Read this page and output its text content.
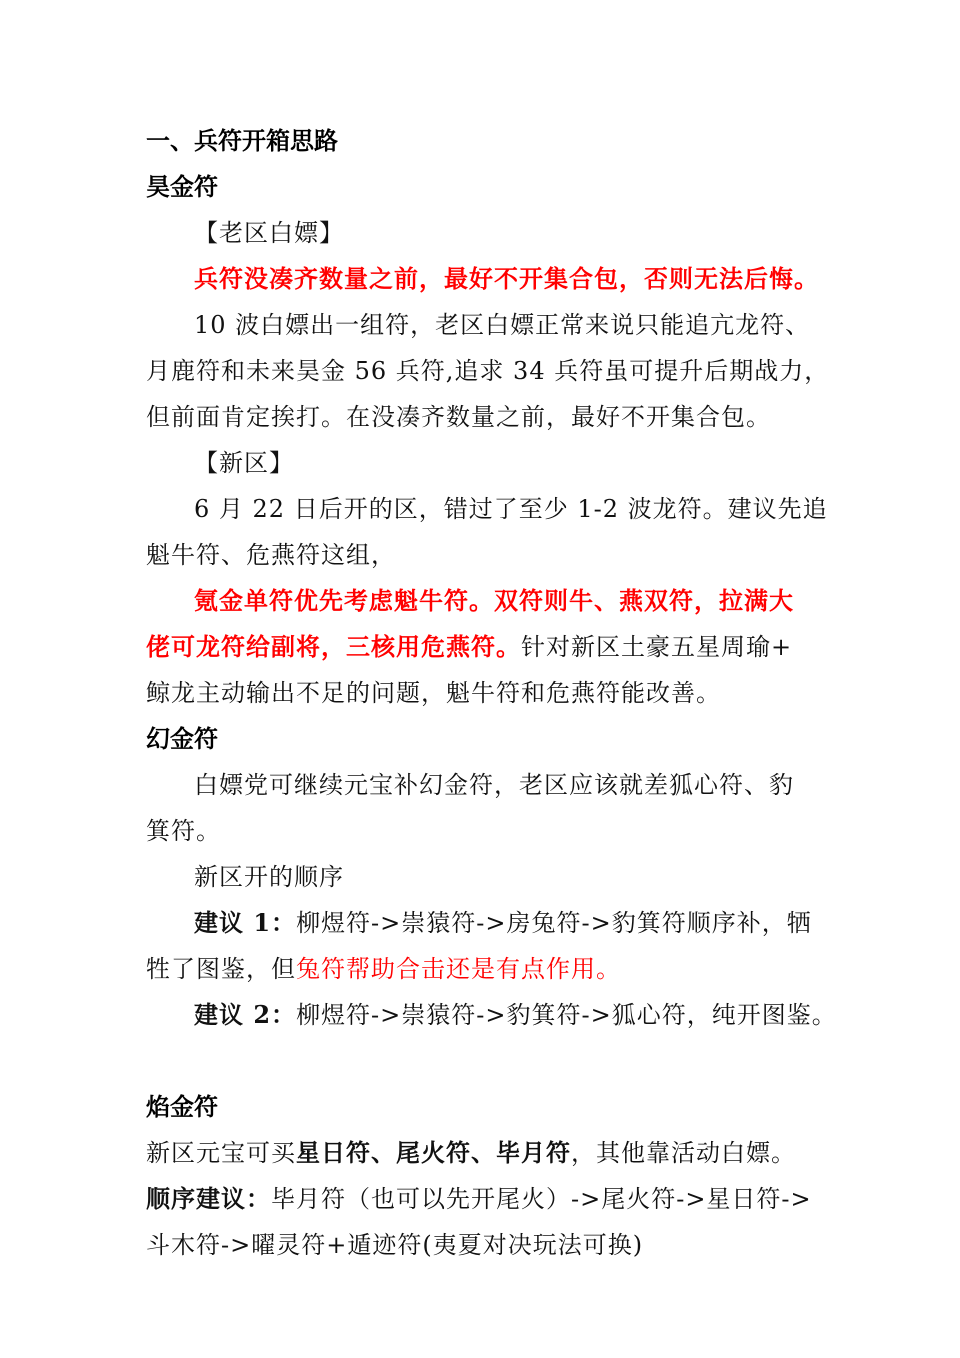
一、兵符开箱思路
昊金符
【老区白嫖】
兵符没凑齐数量之前，最好不开集合包，否则无法后悔。
10 波白嫖出一组符，老区白嫖正常来说只能追亢龙符、
月鹿符和未来昊金 56 兵符,追求 34 兵符虽可提升后期战力，
但前面肯定挨打。在没凑齐数量之前，最好不开集合包。
【新区】
6 月 22 日后开的区，错过了至少 1-2 波龙符。建议先追
魁牛符、危燕符这组，
氪金单符优先考虑魁牛符。双符则牛、燕双符，拉满大
佬可龙符给副将，三核用危燕符。针对新区土豪五星周瑜+
鲸龙主动输出不足的问题，魁牛符和危燕符能改善。
幻金符
白嫖党可继续元宝补幻金符，老区应该就差狐心符、豹
箕符。
新区开的顺序
建议 1：柳煜符->崇猿符->房兔符->豹箕符顺序补，牺
牲了图鉴，但兔符帮助合击还是有点作用。
建议 2：柳煜符->崇猿符->豹箕符->狐心符，纯开图鉴。
焰金符
新区元宝可买星日符、尾火符、毕月符，其他靠活动白嫖。
顺序建议：毕月符（也可以先开尾火）->尾火符->星日符->
斗木符->曜灵符+遁迹符(夷夏对决玩法可换)
